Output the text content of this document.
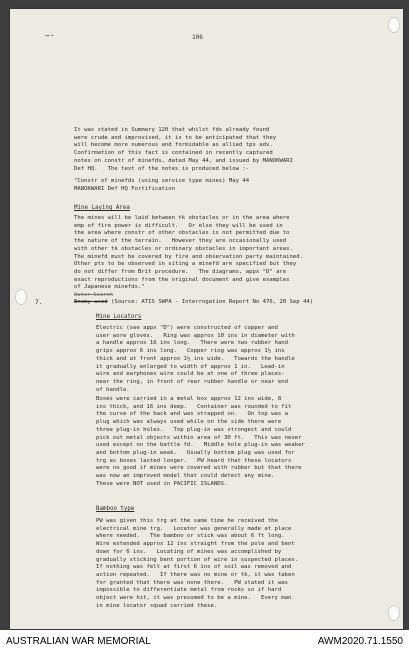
—·	106
It was stated in Summary 120 that whilst fds already found
were crude and improvised, it is to be anticipated that they
will become more numerous and formidable as allied tps adv.
Confirmation of this fact is contained in recently captured
notes on constr of minefds, dated May 44, and issued by MANOKWARI
Def HQ.   The text of the notes is produced below :-
"Constr of minefds (using service type mines) May 44
MANOKWARI Def HQ Fortification
Mine Laying Area
The mines will be laid between tk obstacles or in the area where
emp of fire power is difficult.   Or else they will be used in
the area where constr of other obstacles is not permitted due to
the nature of the terrain.   However they are occasionally used
with other tk obstacles or ordinary obstacles in important areas.
The minefd must be covered by fire and observation party maintained.
Other pts to be observed in siting a minefd are specified but they
do not differ from Brit procedure.   The diagrams, appx "D" are
exact reproductions from the original document and give examples
of Japanese minefds."
Water Search
7.	Enemy used (Source: ATIS SWPA - Interrogation Report No 476, 20 Sep 44)
Mine Locators
Electric (see appx "D") were constructed of copper and
user wore gloves.   Ring was approx 10 ins in diameter with
a handle approx 16 ins long.   There were two rubber hand
grips approx 6 ins long.   Copper ring was approx 1½ ins
thick and at front approx 1½ ins wide.   Towards the handle
it gradually enlarged to width of approx 1 in.   Lead-in
wire and earphones wire could be at one of three places-
near the ring, in front of rear rubber handle or near end
of handle.
Boxes were carried in a metal box approx 12 ins wide, 8
ins thick, and 16 ins deep.   Container was rounded to fit
the curve of the back and was strapped on.   On top was a
plug which was always used while on the side there were
three plug-in holes.   Top plug-in was strongest and could
pick out metal objects within area of 30 ft.   This was never
used except on the battle fd.   Middle hole plug-in was weaker
and bottom plug-in weak.   Usually bottom plug was used for
trg as boxes lasted longer.   PW heard that these locators
were no good if mines were covered with rubber but that there
was now an improved model that could detect any mine.
These were NOT used in PACIFIC ISLANDS.
Bamboo type
PW was given this trg at the same time he received the
electrical mine trg.   Locator was generally made at place
where needed.   The bamboo or stick was about 6 ft long.
Wire extended approx 12 ins straight from the pole and bent
down for 6 ins.   Locating of mines was accomplished by
gradually sticking bent portion of wire in suspected places.
If nothing was felt at first 6 ins of soil was removed and
action repeated.   If there was no mine or tk, it was taken
for granted that there was none there.   PW stated it was
impossible to differentiate metal from rocks so if hard
object were hit, it was presumed to be a mine.   Every man
in mine locator squad carried these.
AUSTRALIAN WAR MEMORIAL	AWM2020.71.1550
